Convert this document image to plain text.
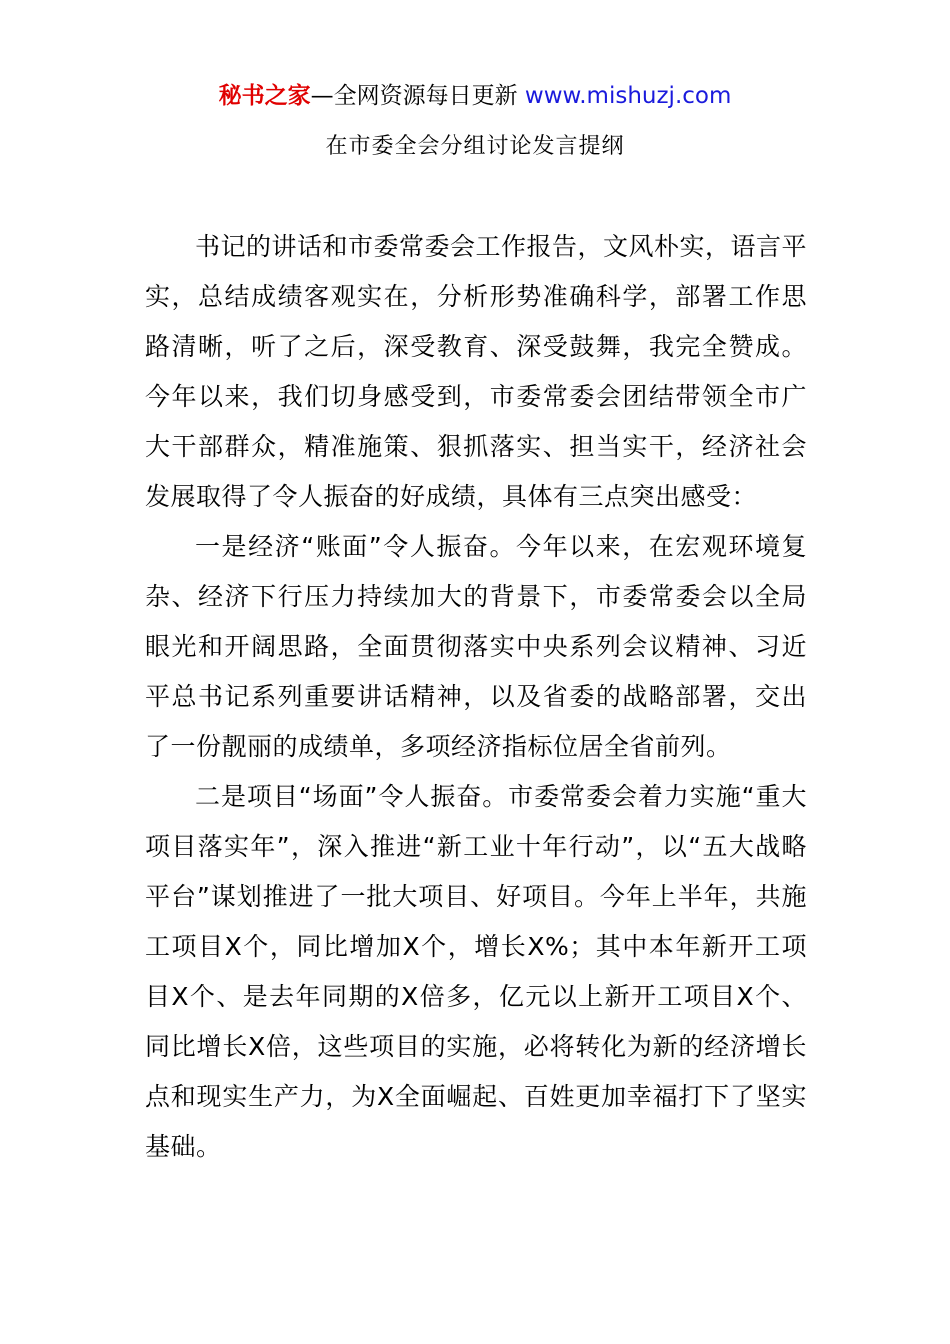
秘书之家—全网资源每日更新 www.mishuzj.com
在市委全会分组讨论发言提纲

书记的讲话和市委常委会工作报告，文风朴实，语言平实，总结成绩客观实在，分析形势准确科学，部署工作思路清晰，听了之后，深受教育、深受鼓舞，我完全赞成。今年以来，我们切身感受到，市委常委会团结带领全市广大干部群众，精准施策、狠抓落实、担当实干，经济社会发展取得了令人振奋的好成绩，具体有三点突出感受：

一是经济“账面”令人振奋。今年以来，在宏观环境复杂、经济下行压力持续加大的背景下，市委常委会以全局眼光和开阔思路，全面贯彻落实中央系列会议精神、习近平总书记系列重要讲话精神，以及省委的战略部署，交出了一份靓丽的成绩单，多项经济指标位居全省前列。

二是项目“场面”令人振奋。市委常委会着力实施“重大项目落实年”，深入推进“新工业十年行动”，以“五大战略平台”谋划推进了一批大项目、好项目。今年上半年，共施工项目X个，同比增加X个，增长X%；其中本年新开工项目X个、是去年同期的X倍多，亿元以上新开工项目X个、同比增长X倍，这些项目的实施，必将转化为新的经济增长点和现实生产力，为X全面崛起、百姓更加幸福打下了坚实基础。
